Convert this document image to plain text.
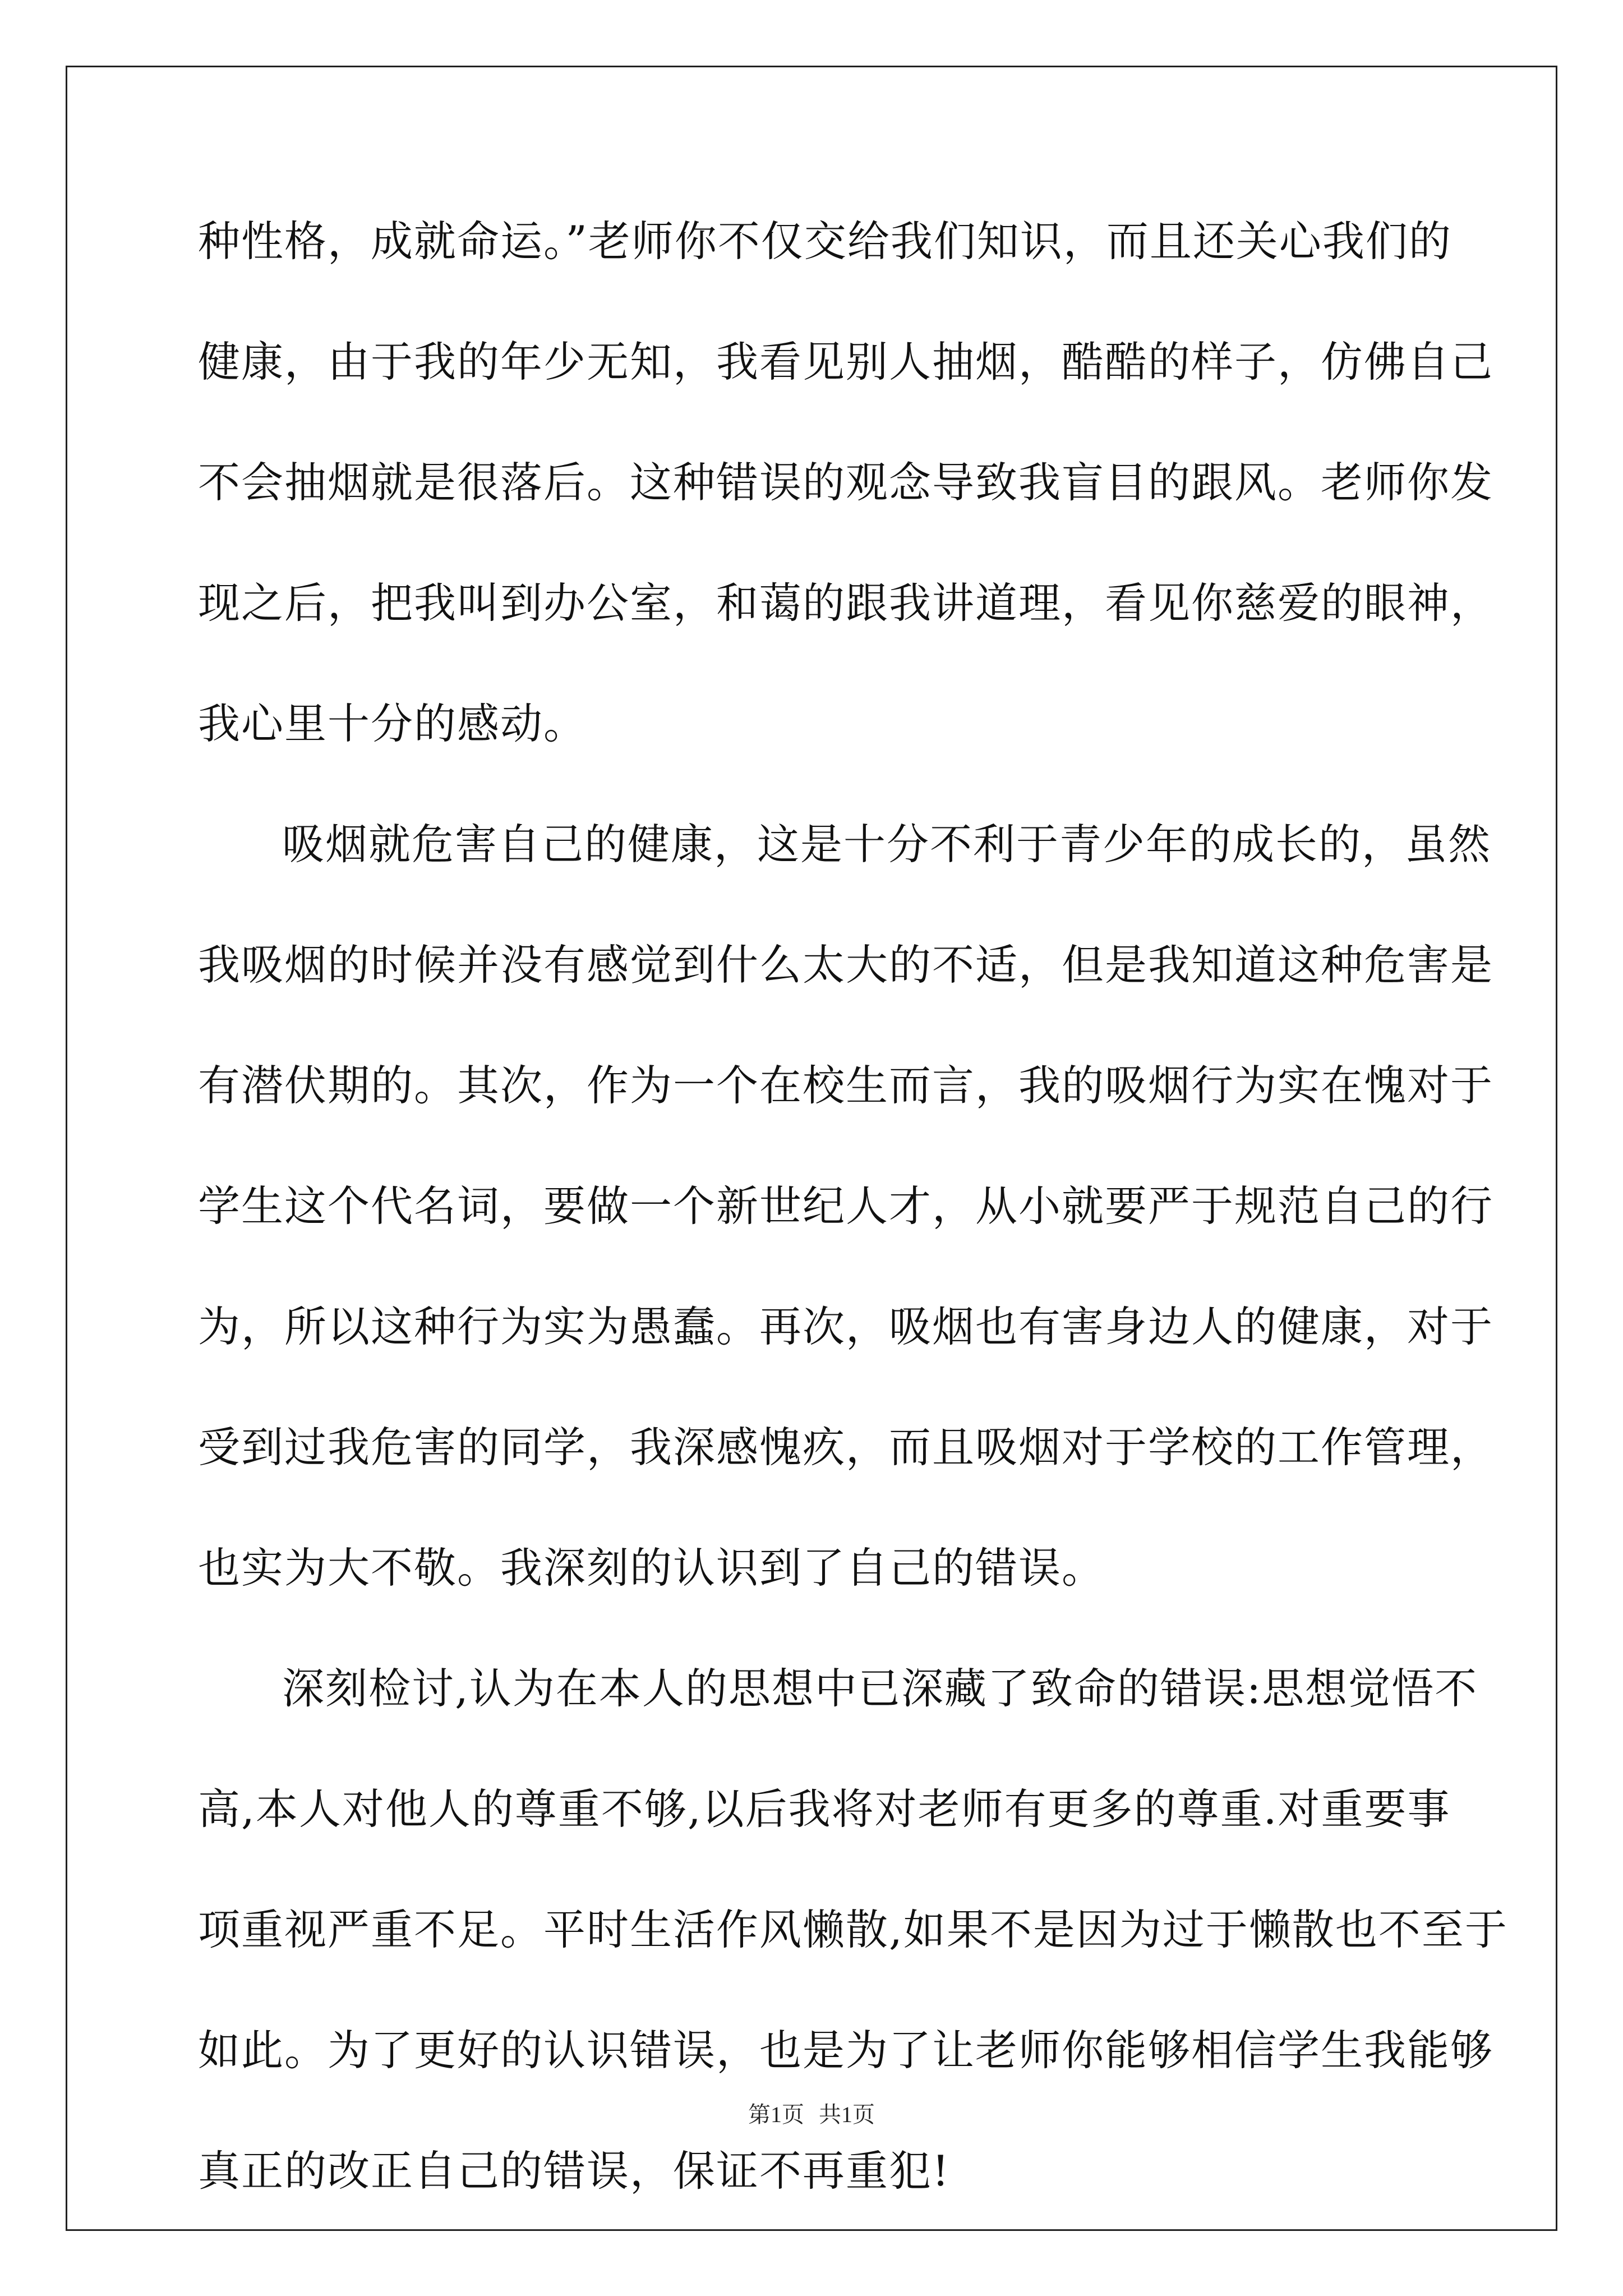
种性格，成就命运。”老师你不仅交给我们知识，而且还关心我们的
健康，由于我的年少无知，我看见别人抽烟，酷酷的样子，仿佛自己
不会抽烟就是很落后。这种错误的观念导致我盲目的跟风。老师你发
现之后，把我叫到办公室，和蔼的跟我讲道理，看见你慈爱的眼神，
我心里十分的感动。
吸烟就危害自己的健康，这是十分不利于青少年的成长的，虽然
我吸烟的时候并没有感觉到什么太大的不适，但是我知道这种危害是
有潜伏期的。其次，作为一个在校生而言，我的吸烟行为实在愧对于
学生这个代名词，要做一个新世纪人才，从小就要严于规范自己的行
为，所以这种行为实为愚蠢。再次，吸烟也有害身边人的健康，对于
受到过我危害的同学，我深感愧疚，而且吸烟对于学校的工作管理，
也实为大不敬。我深刻的认识到了自己的错误。
深刻检讨,认为在本人的思想中已深藏了致命的错误:思想觉悟不
高,本人对他人的尊重不够,以后我将对老师有更多的尊重.对重要事
项重视严重不足。平时生活作风懒散,如果不是因为过于懒散也不至于
如此。为了更好的认识错误，也是为了让老师你能够相信学生我能够
真正的改正自己的错误，保证不再重犯!
第1页 共1页
